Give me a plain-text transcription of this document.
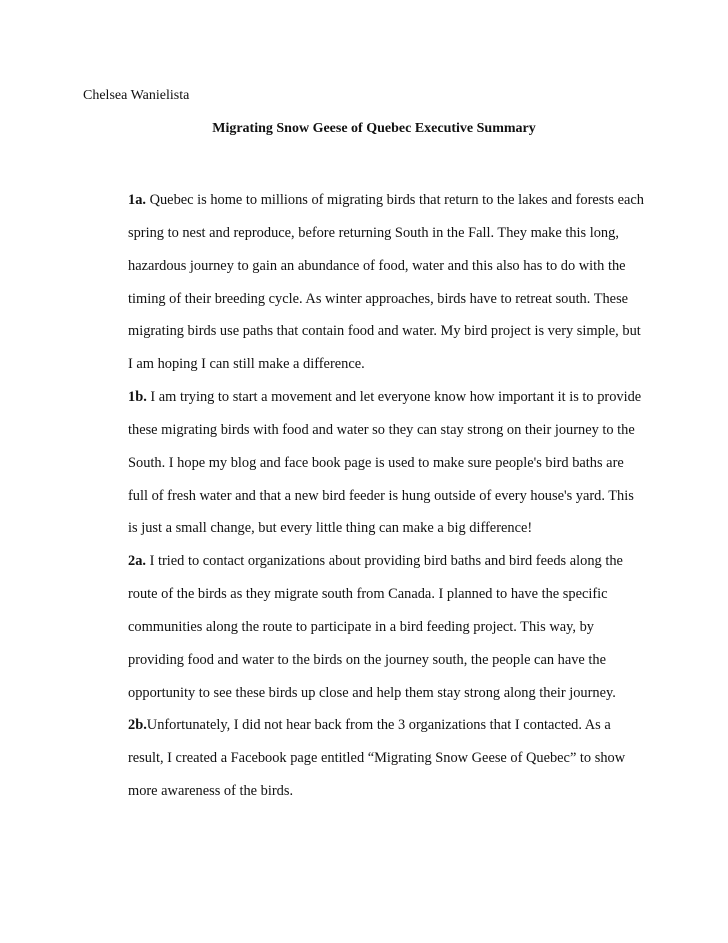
Chelsea Wanielista
Migrating Snow Geese of Quebec Executive Summary
1a. Quebec is home to millions of migrating birds that return to the lakes and forests each
spring to nest and reproduce, before returning South in the Fall. They make this long,
hazardous journey to gain an abundance of food, water and this also has to do with the
timing of their breeding cycle. As winter approaches, birds have to retreat south. These
migrating birds use paths that contain food and water. My bird project is very simple, but
I am hoping I can still make a difference.
1b. I am trying to start a movement and let everyone know how important it is to provide
these migrating birds with food and water so they can stay strong on their journey to the
South. I hope my blog and face book page is used to make sure people's bird baths are
full of fresh water and that a new bird feeder is hung outside of every house's yard. This
is just a small change, but every little thing can make a big difference!
2a. I tried to contact organizations about providing bird baths and bird feeds along the
route of the birds as they migrate south from Canada. I planned to have the specific
communities along the route to participate in a bird feeding project. This way, by
providing food and water to the birds on the journey south, the people can have the
opportunity to see these birds up close and help them stay strong along their journey.
2b.Unfortunately, I did not hear back from the 3 organizations that I contacted. As a
result, I created a Facebook page entitled “Migrating Snow Geese of Quebec” to show
more awareness of the birds.
